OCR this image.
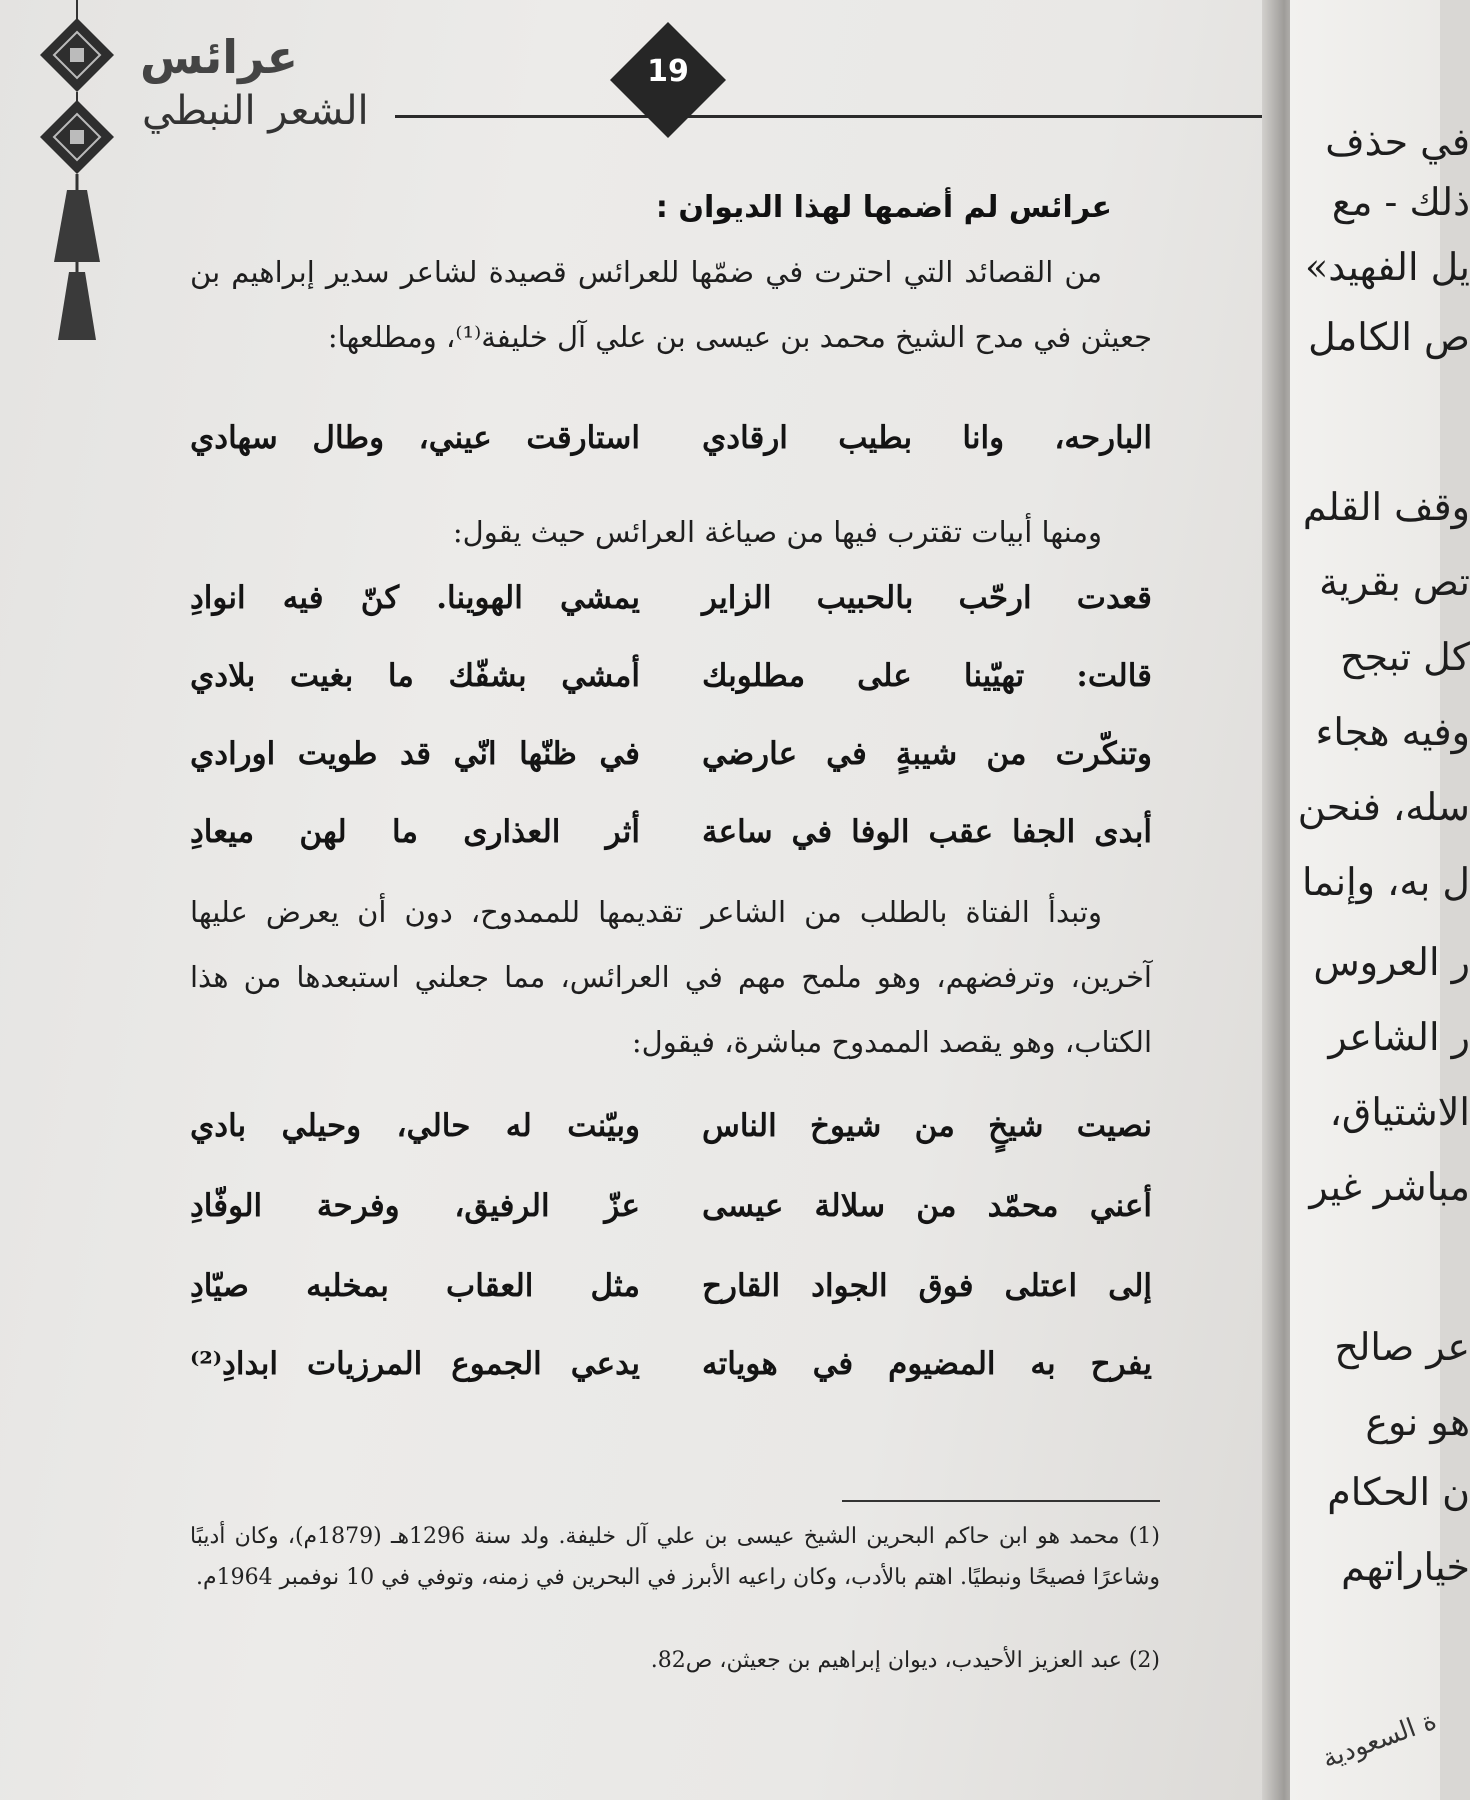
عرائس
الشعر النبطي
19
عرائس لم أضمها لهذا الديوان :
من القصائد التي احترت في ضمّها للعرائس قصيدة لشاعر سدير إبراهيم بن جعيثن في مدح الشيخ محمد بن عيسى بن علي آل خليفة⁽¹⁾، ومطلعها:
البارحه، وانا بطيب ارقادي
استارقت عيني، وطال سهادي
ومنها أبيات تقترب فيها من صياغة العرائس حيث يقول:
قعدت ارحّب بالحبيب الزاير
يمشي الهوينا. كنّ فيه انوادِ
قالت: تهيّينا على مطلوبك
أمشي بشفّك ما بغيت بلادي
وتنكّرت من شيبةٍ في عارضي
في ظنّها انّي قد طويت اورادي
أبدى الجفا عقب الوفا في ساعة
أثر العذارى ما لهن ميعادِ
وتبدأ الفتاة بالطلب من الشاعر تقديمها للممدوح، دون أن يعرض عليها آخرين، وترفضهم، وهو ملمح مهم في العرائس، مما جعلني استبعدها من هذا الكتاب، وهو يقصد الممدوح مباشرة، فيقول:
نصيت شيخٍ من شيوخ الناس
وبيّنت له حالي، وحيلي بادي
أعني محمّد من سلالة عيسى
عزّ الرفيق، وفرحة الوفّادِ
إلى اعتلى فوق الجواد القارح
مثل العقاب بمخلبه صيّادِ
يفرح به المضيوم في هوياته
يدعي الجموع المرزيات ابدادِ⁽²⁾
(1) محمد هو ابن حاكم البحرين الشيخ عيسى بن علي آل خليفة. ولد سنة 1296هـ (1879م)، وكان أديبًا وشاعرًا فصيحًا ونبطيًا. اهتم بالأدب، وكان راعيه الأبرز في البحرين في زمنه، وتوفي في 10 نوفمبر 1964م.
(2) عبد العزيز الأحيدب، ديوان إبراهيم بن جعيثن، ص82.
في حذف
ذلك - مع
يل الفهيد»
ص الكامل
وقف القلم
تص بقرية
كل تبجح
وفيه هجاء
سله، فنحن
ل به، وإنما
ر العروس
ر الشاعر
الاشتياق،
مباشر غير
عر صالح
هو نوع
ن الحكام
خياراتهم
ة السعودية
